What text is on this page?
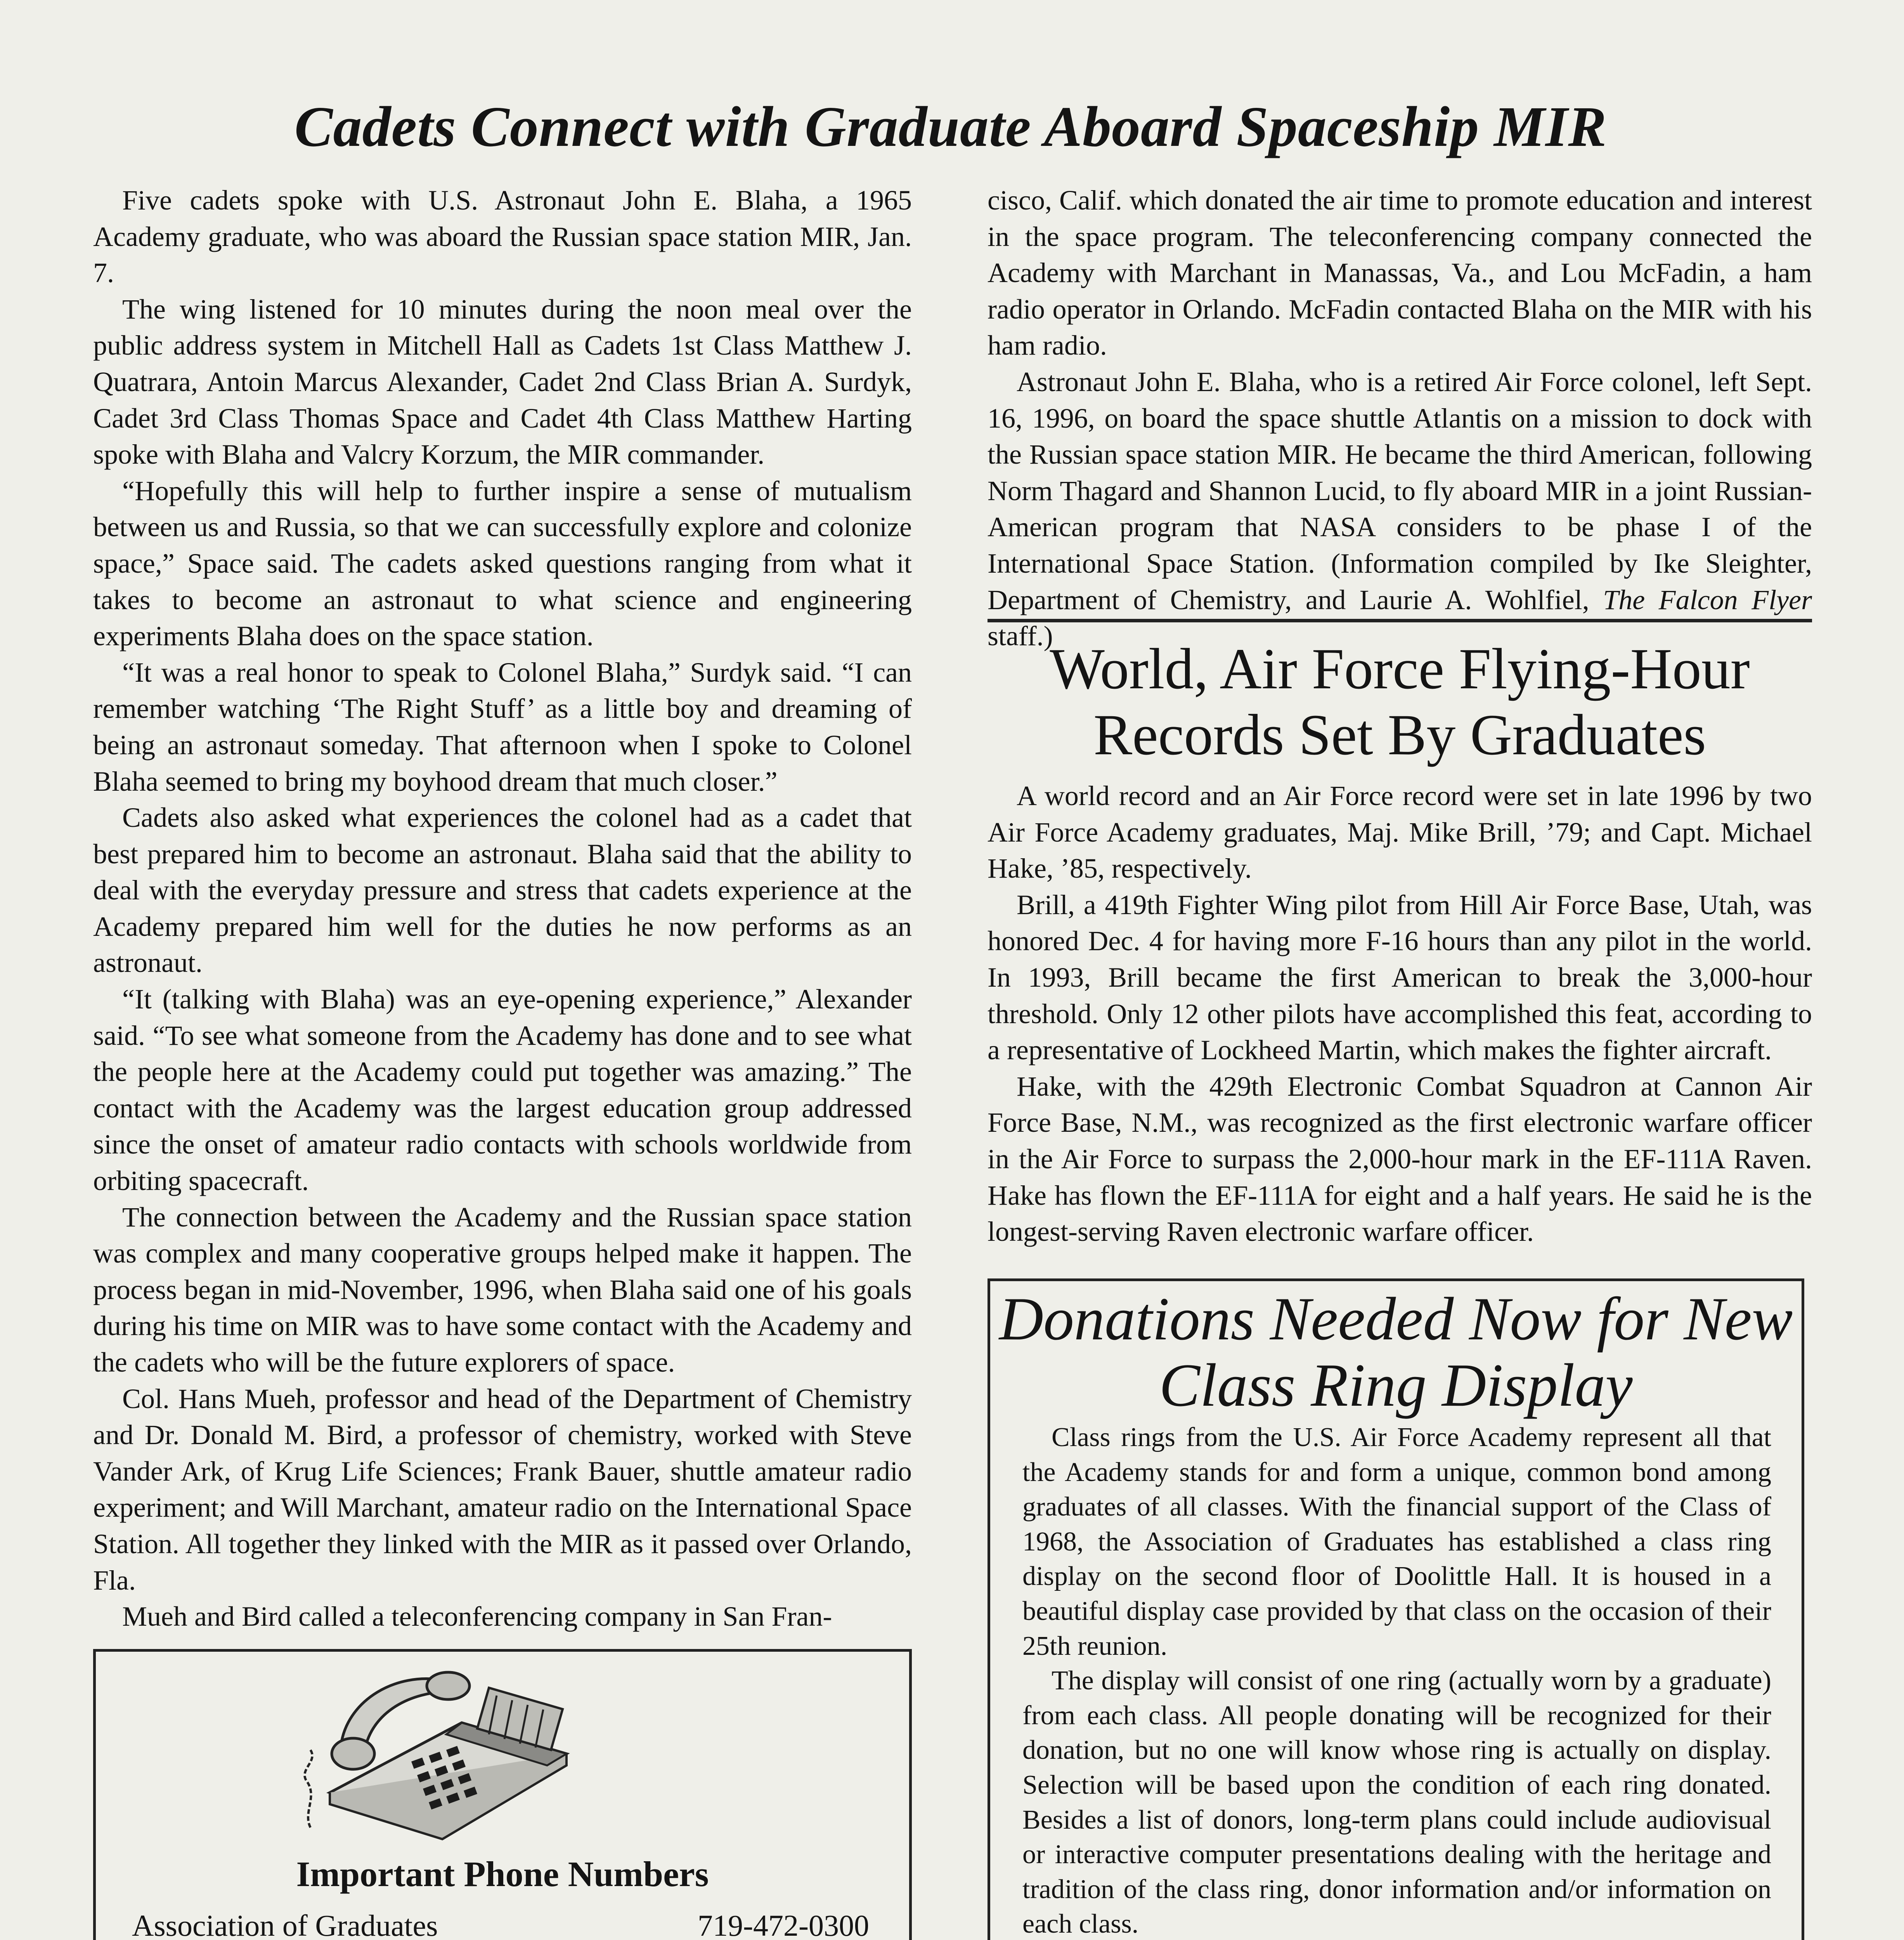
Cadets Connect with Graduate Aboard Spaceship MIR

Five cadets spoke with U.S. Astronaut John E. Blaha, a 1965 Academy graduate, who was aboard the Russian space station MIR, Jan. 7.

The wing listened for 10 minutes during the noon meal over the public address system in Mitchell Hall as Cadets 1st Class Matthew J. Quatrara, Antoin Marcus Alexander, Cadet 2nd Class Brian A. Surdyk, Cadet 3rd Class Thomas Space and Cadet 4th Class Matthew Harting spoke with Blaha and Valcry Korzum, the MIR commander.

“Hopefully this will help to further inspire a sense of mutualism between us and Russia, so that we can successfully explore and colonize space,” Space said. The cadets asked questions ranging from what it takes to become an astronaut to what science and engineering experiments Blaha does on the space station.

“It was a real honor to speak to Colonel Blaha,” Surdyk said. “I can remember watching ‘The Right Stuff’ as a little boy and dreaming of being an astronaut someday. That afternoon when I spoke to Colonel Blaha seemed to bring my boyhood dream that much closer.”

Cadets also asked what experiences the colonel had as a cadet that best prepared him to become an astronaut. Blaha said that the ability to deal with the everyday pressure and stress that cadets experience at the Academy prepared him well for the duties he now performs as an astronaut.

“It (talking with Blaha) was an eye-opening experience,” Alexander said. “To see what someone from the Academy has done and to see what the people here at the Academy could put together was amazing.” The contact with the Academy was the largest education group addressed since the onset of amateur radio contacts with schools worldwide from orbiting spacecraft.

The connection between the Academy and the Russian space station was complex and many cooperative groups helped make it happen. The process began in mid-November, 1996, when Blaha said one of his goals during his time on MIR was to have some contact with the Academy and the cadets who will be the future explorers of space.

Col. Hans Mueh, professor and head of the Department of Chemistry and Dr. Donald M. Bird, a professor of chemistry, worked with Steve Vander Ark, of Krug Life Sciences; Frank Bauer, shuttle amateur radio experiment; and Will Marchant, amateur radio on the International Space Station. All together they linked with the MIR as it passed over Orlando, Fla.

Mueh and Bird called a teleconferencing company in San Fran-

cisco, Calif. which donated the air time to promote education and interest in the space program. The teleconferencing company connected the Academy with Marchant in Manassas, Va., and Lou McFadin, a ham radio operator in Orlando. McFadin contacted Blaha on the MIR with his ham radio.

Astronaut John E. Blaha, who is a retired Air Force colonel, left Sept. 16, 1996, on board the space shuttle Atlantis on a mission to dock with the Russian space station MIR. He became the third American, following Norm Thagard and Shannon Lucid, to fly aboard MIR in a joint Russian-American program that NASA considers to be phase I of the International Space Station. (Information compiled by Ike Sleighter, Department of Chemistry, and Laurie A. Wohlfiel, The Falcon Flyer staff.)

World, Air Force Flying-Hour Records Set By Graduates

A world record and an Air Force record were set in late 1996 by two Air Force Academy graduates, Maj. Mike Brill, ’79; and Capt. Michael Hake, ’85, respectively.

Brill, a 419th Fighter Wing pilot from Hill Air Force Base, Utah, was honored Dec. 4 for having more F-16 hours than any pilot in the world. In 1993, Brill became the first American to break the 3,000-hour threshold. Only 12 other pilots have accomplished this feat, according to a representative of Lockheed Martin, which makes the fighter aircraft.

Hake, with the 429th Electronic Combat Squadron at Cannon Air Force Base, N.M., was recognized as the first electronic warfare officer in the Air Force to surpass the 2,000-hour mark in the EF-111A Raven. Hake has flown the EF-111A for eight and a half years. He said he is the longest-serving Raven electronic warfare officer.

Donations Needed Now for New Class Ring Display

Class rings from the U.S. Air Force Academy represent all that the Academy stands for and form a unique, common bond among graduates of all classes. With the financial support of the Class of 1968, the Association of Graduates has established a class ring display on the second floor of Doolittle Hall. It is housed in a beautiful display case provided by that class on the occasion of their 25th reunion.

The display will consist of one ring (actually worn by a graduate) from each class. All people donating will be recognized for their donation, but no one will know whose ring is actually on display. Selection will be based upon the condition of each ring donated. Besides a list of donors, long-term plans could include audiovisual or interactive computer presentations dealing with the heritage and tradition of the class ring, donor information and/or information on each class.

Important Phone Numbers
Association of Graduates	719-472-0300
